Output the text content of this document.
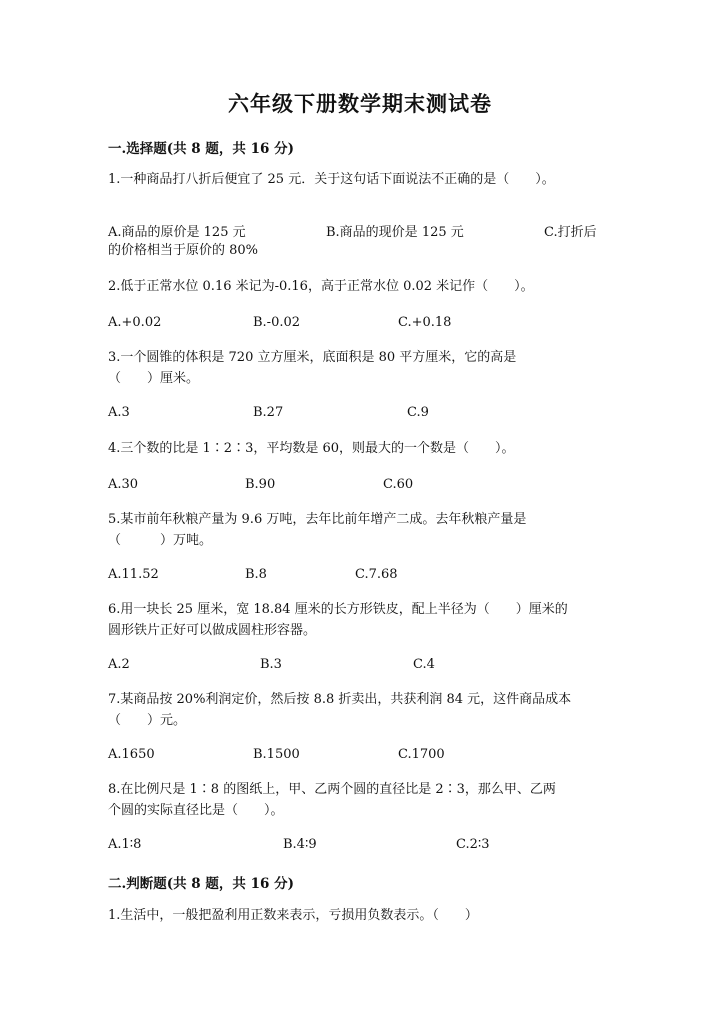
六年级下册数学期末测试卷
一.选择题(共 8 题，共 16 分)
1.一种商品打八折后便宜了 25 元．关于这句话下面说法不正确的是（　　）。
A.商品的原价是 125 元	B.商品的现价是 125 元	C.打折后
的价格相当于原价的 80%
2.低于正常水位 0.16 米记为-0.16，高于正常水位 0.02 米记作（　　）。
A.+0.02	B.-0.02	C.+0.18
3.一个圆锥的体积是 720 立方厘米，底面积是 80 平方厘米，它的高是
（　　）厘米。
A.3	B.27	C.9
4.三个数的比是 1∶2∶3，平均数是 60，则最大的一个数是（　　）。
A.30	B.90	C.60
5.某市前年秋粮产量为 9.6 万吨，去年比前年增产二成。去年秋粮产量是
（　　　）万吨。
A.11.52	B.8	C.7.68
6.用一块长 25 厘米，宽 18.84 厘米的长方形铁皮，配上半径为（　　）厘米的
圆形铁片正好可以做成圆柱形容器。
A.2	B.3	C.4
7.某商品按 20%利润定价，然后按 8.8 折卖出，共获利润 84 元，这件商品成本
（　　）元。
A.1650	B.1500	C.1700
8.在比例尺是 1∶8 的图纸上，甲、乙两个圆的直径比是 2∶3，那么甲、乙两
个圆的实际直径比是（　　）。
A.1∶8	B.4∶9	C.2∶3
二.判断题(共 8 题，共 16 分)
1.生活中，一般把盈利用正数来表示，亏损用负数表示。（　　）
